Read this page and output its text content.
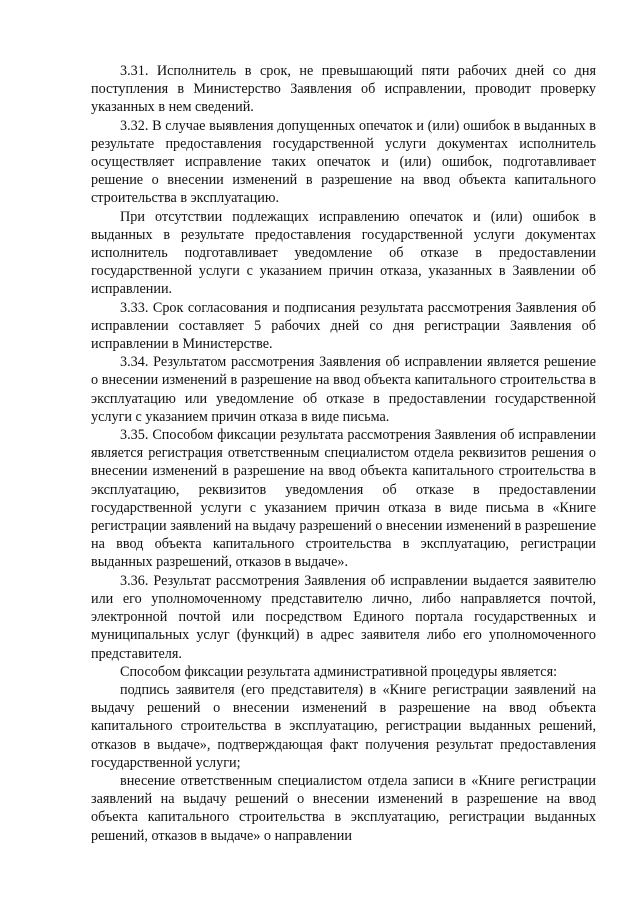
3.31. Исполнитель в срок, не превышающий пяти рабочих дней со дня поступления в Министерство Заявления об исправлении, проводит проверку указанных в нем сведений.

3.32. В случае выявления допущенных опечаток и (или) ошибок в выданных в результате предоставления государственной услуги документах исполнитель осуществляет исправление таких опечаток и (или) ошибок, подготавливает решение о внесении изменений в разрешение на ввод объекта капитального строительства в эксплуатацию.

При отсутствии подлежащих исправлению опечаток и (или) ошибок в выданных в результате предоставления государственной услуги документах исполнитель подготавливает уведомление об отказе в предоставлении государственной услуги с указанием причин отказа, указанных в Заявлении об исправлении.

3.33. Срок согласования и подписания результата рассмотрения Заявления об исправлении составляет 5 рабочих дней со дня регистрации Заявления об исправлении в Министерстве.

3.34. Результатом рассмотрения Заявления об исправлении является решение о внесении изменений в разрешение на ввод объекта капитального строительства в эксплуатацию или уведомление об отказе в предоставлении государственной услуги с указанием причин отказа в виде письма.

3.35. Способом фиксации результата рассмотрения Заявления об исправлении является регистрация ответственным специалистом отдела реквизитов решения о внесении изменений в разрешение на ввод объекта капитального строительства в эксплуатацию, реквизитов уведомления об отказе в предоставлении государственной услуги с указанием причин отказа в виде письма в «Книге регистрации заявлений на выдачу разрешений о внесении изменений в разрешение на ввод объекта капитального строительства в эксплуатацию, регистрации выданных разрешений, отказов в выдаче».

3.36. Результат рассмотрения Заявления об исправлении выдается заявителю или его уполномоченному представителю лично, либо направляется почтой, электронной почтой или посредством Единого портала государственных и муниципальных услуг (функций) в адрес заявителя либо его уполномоченного представителя.

Способом фиксации результата административной процедуры является:

подпись заявителя (его представителя) в «Книге регистрации заявлений на выдачу решений о внесении изменений в разрешение на ввод объекта капитального строительства в эксплуатацию, регистрации выданных решений, отказов в выдаче», подтверждающая факт получения результат предоставления государственной услуги;

внесение ответственным специалистом отдела записи в «Книге регистрации заявлений на выдачу решений о внесении изменений в разрешение на ввод объекта капитального строительства в эксплуатацию, регистрации выданных решений, отказов в выдаче» о направлении
